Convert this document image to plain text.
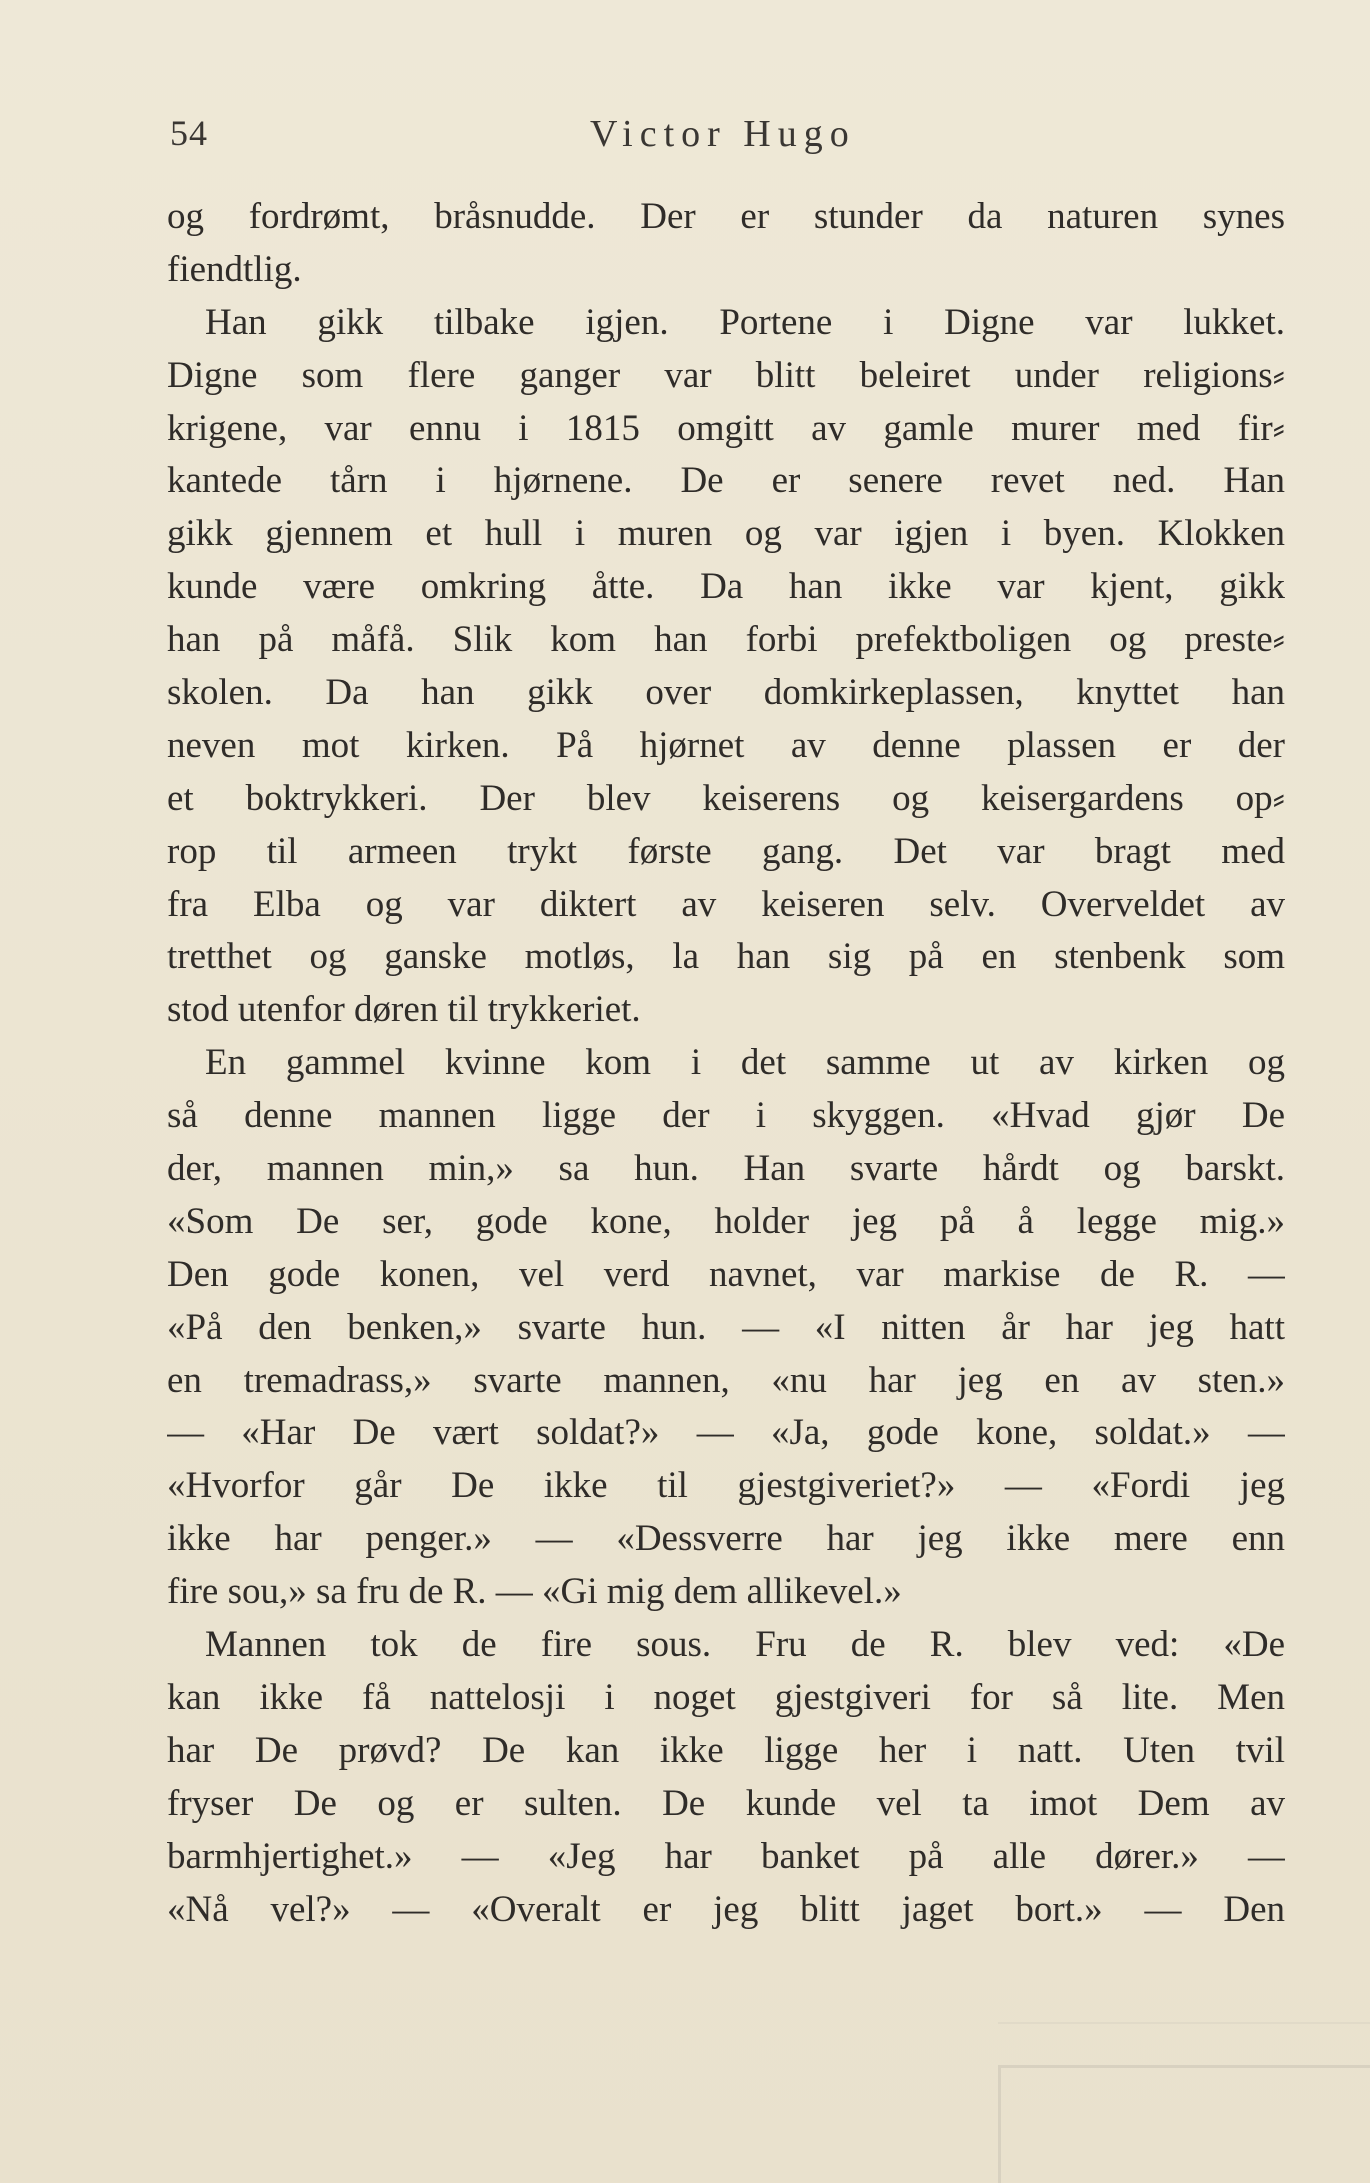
54	Victor Hugo
og fordrømt, bråsnudde. Der er stunder da naturen synes
fiendtlig.
Han gikk tilbake igjen. Portene i Digne var lukket.
Digne som flere ganger var blitt beleiret under religions⸗
krigene, var ennu i 1815 omgitt av gamle murer med fir⸗
kantede tårn i hjørnene. De er senere revet ned. Han
gikk gjennem et hull i muren og var igjen i byen. Klokken
kunde være omkring åtte. Da han ikke var kjent, gikk
han på måfå. Slik kom han forbi prefektboligen og preste⸗
skolen. Da han gikk over domkirkeplassen, knyttet han
neven mot kirken. På hjørnet av denne plassen er der
et boktrykkeri. Der blev keiserens og keisergardens op⸗
rop til armeen trykt første gang. Det var bragt med
fra Elba og var diktert av keiseren selv. Overveldet av
tretthet og ganske motløs, la han sig på en stenbenk som
stod utenfor døren til trykkeriet.
En gammel kvinne kom i det samme ut av kirken og
så denne mannen ligge der i skyggen. «Hvad gjør De
der, mannen min,» sa hun. Han svarte hårdt og barskt.
«Som De ser, gode kone, holder jeg på å legge mig.»
Den gode konen, vel verd navnet, var markise de R. —
«På den benken,» svarte hun. — «I nitten år har jeg hatt
en tremadrass,» svarte mannen, «nu har jeg en av sten.»
— «Har De vært soldat?» — «Ja, gode kone, soldat.» —
«Hvorfor går De ikke til gjestgiveriet?» — «Fordi jeg
ikke har penger.» — «Dessverre har jeg ikke mere enn
fire sou,» sa fru de R. — «Gi mig dem allikevel.»
Mannen tok de fire sous. Fru de R. blev ved: «De
kan ikke få nattelosji i noget gjestgiveri for så lite. Men
har De prøvd? De kan ikke ligge her i natt. Uten tvil
fryser De og er sulten. De kunde vel ta imot Dem av
barmhjertighet.» — «Jeg har banket på alle dører.» —
«Nå vel?» — «Overalt er jeg blitt jaget bort.» — Den
